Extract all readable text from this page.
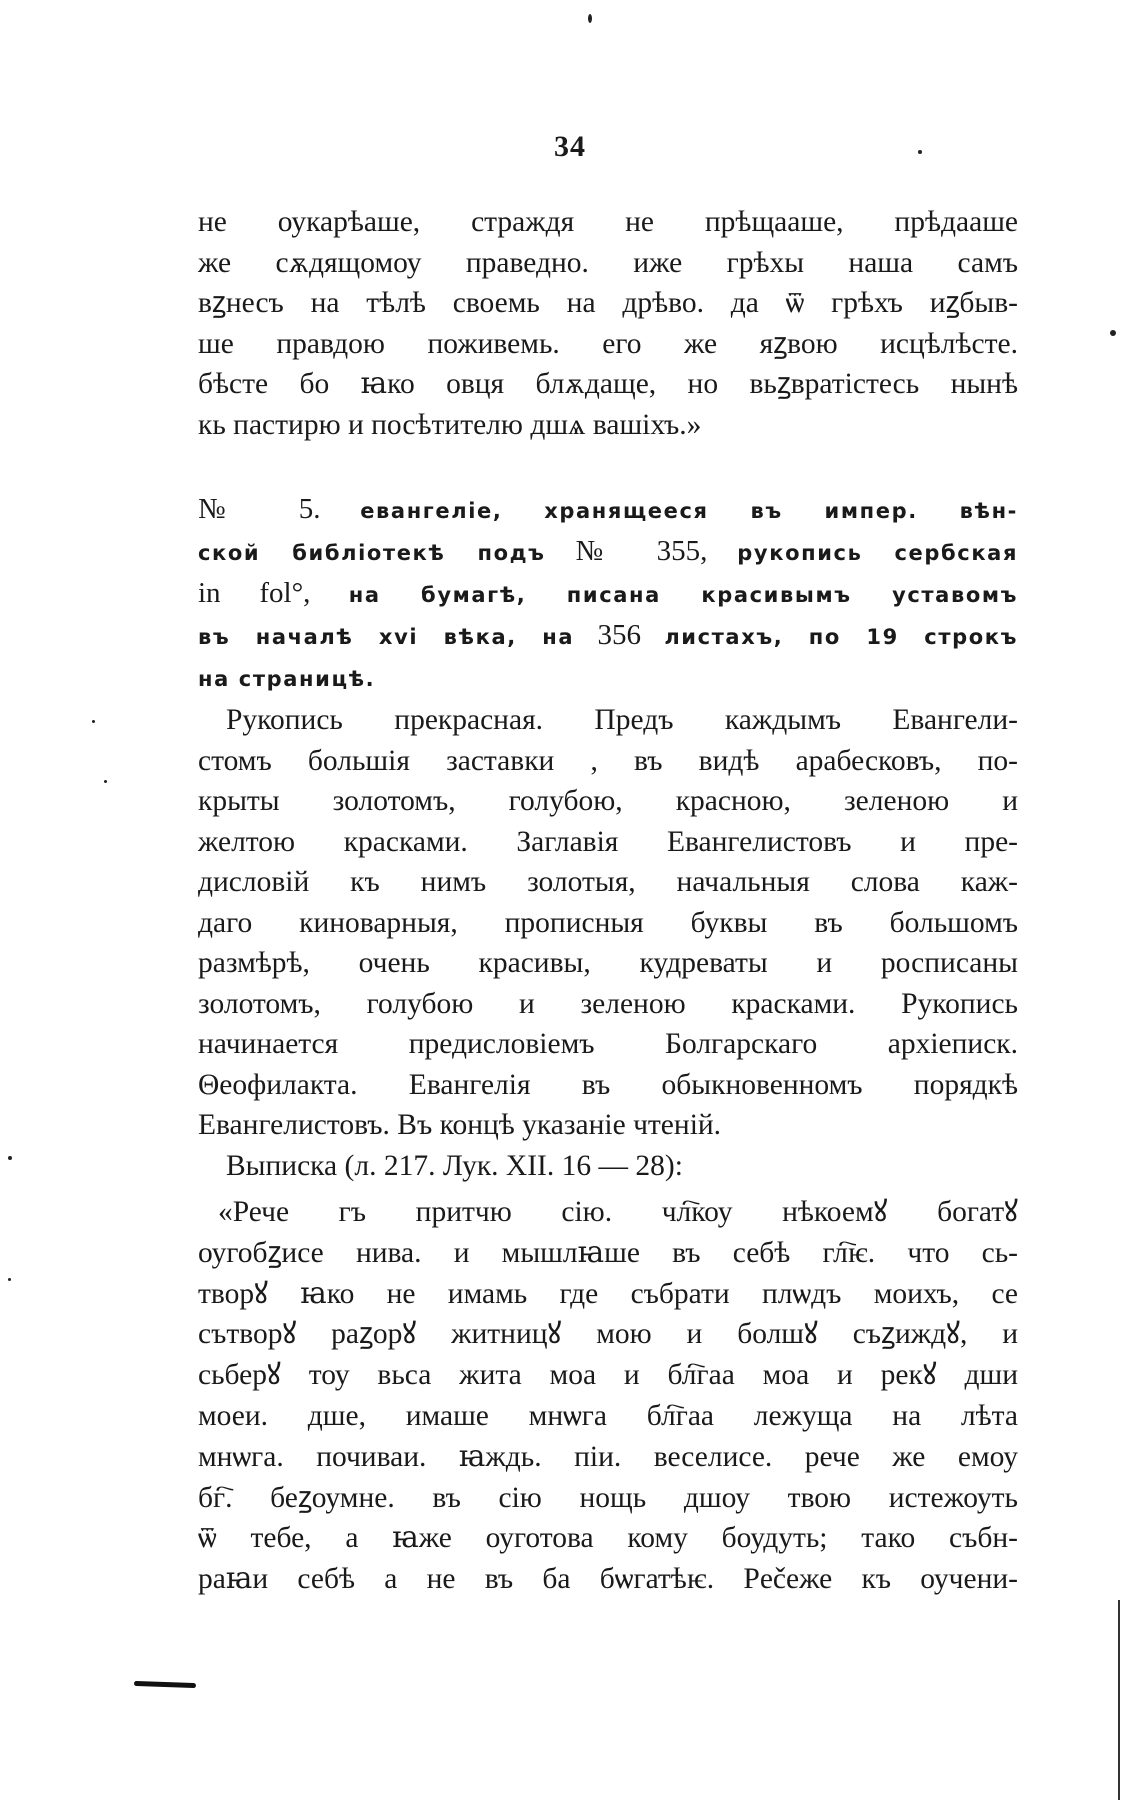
34
не оукарѣаше, страждя не прѣщааше, прѣдааше
же сѫдящомоу праведно. иже грѣхы наша самъ
вꙁнесъ на тѣлѣ своемь на дрѣво. да ѿ грѣхъ иꙁбыв-
ше правдою поживемь. его же яꙁвою исцѣлѣсте.
бѣсте бо ꙗко овця блѫдаще, но вьꙁвратістесь нынѣ
кь пастирю и посѣтителю дшѧ вашіхъ.»
№ 5. евангеліе, хранящееся въ импер. вѣн-
ской библіотекѣ подъ № 355, рукопись сербская
in fol°, на бумагѣ, писана красивымъ уставомъ
въ началѣ xvi вѣка, на 356 листахъ, по 19 строкъ
на страницѣ.
Рукопись прекрасная. Предъ каждымъ Евангели-
стомъ большія заставки , въ видѣ арабесковъ, по-
крыты золотомъ, голубою, красною, зеленою и
желтою красками. Заглавія Евангелистовъ и пре-
дисловій къ нимъ золотыя, начальныя слова каж-
даго киноварныя, прописныя буквы въ большомъ
размѣрѣ, очень красивы, кудреваты и росписаны
золотомъ, голубою и зеленою красками. Рукопись
начинается предисловіемъ Болгарскаго архіеписк.
Θеофилакта. Евангелія въ обыкновенномъ порядкѣ
Евангелистовъ. Въ концѣ указаніе чтеній.
Выписка (л. 217. Лук. XII. 16 — 28):
«Рече гъ притчю сію. чл҇коу нѣкоемꙋ богатꙋ
оугобꙁисе нива. и мышлꙗше въ себѣ гл҇ѥ. что сь-
творꙋ ꙗко не имамь где събрати плѡдъ моихъ, се
сътворꙋ раꙁорꙋ житницꙋ мою и болшꙋ съꙁиждꙋ, и
сьберꙋ тоу вьса жита моа и бл҇гаа моа и рекꙋ дши
моеи. дше, имаше мнѡга бл҇гаа лежуща на лѣта
мнѡга. почиваи. ꙗждь. піи. веселисе. рече же емоу
бг҇. беꙁоумне. въ сію нощь дшоу твою истежоуть
ѿ тебе, а ꙗже оуготова кому боудуть; тако събн-
раꙗи себѣ а не въ ба бѡгатѣѥ. Рečeже къ оучени-
